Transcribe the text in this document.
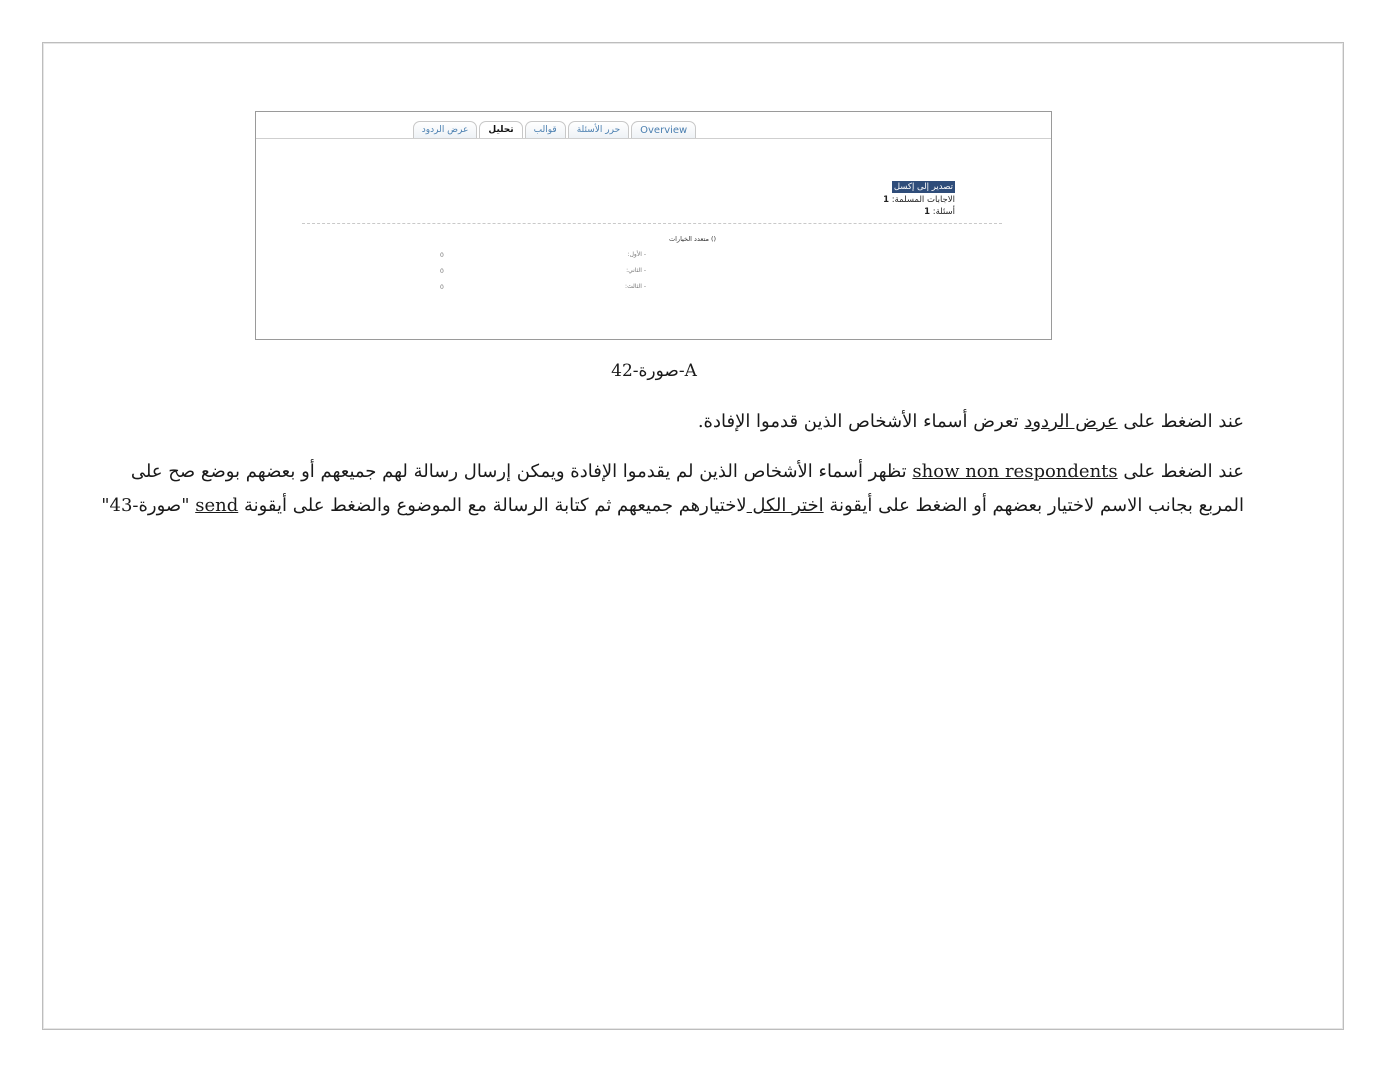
عرض الردود	تحليل	قوالب	حرر الأسئلة	Overview
تصدير إلى إكسل
الاجابات المسلمة: 1
أسئلة: 1
() متعدد الخيارات
- الأول:
0
- الثاني:
0
- الثالث:
0
صورة-42-A
عند الضغط على عرض الردود تعرض أسماء الأشخاص الذين قدموا الإفادة.
عند الضغط على show non respondents تظهر أسماء الأشخاص الذين لم يقدموا الإفادة ويمكن إرسال رسالة لهم جميعهم أو بعضهم بوضع صح على المربع بجانب الاسم لاختيار بعضهم أو الضغط على أيقونة اختر الكل لاختيارهم جميعهم ثم كتابة الرسالة مع الموضوع والضغط على أيقونة send "صورة-43"
